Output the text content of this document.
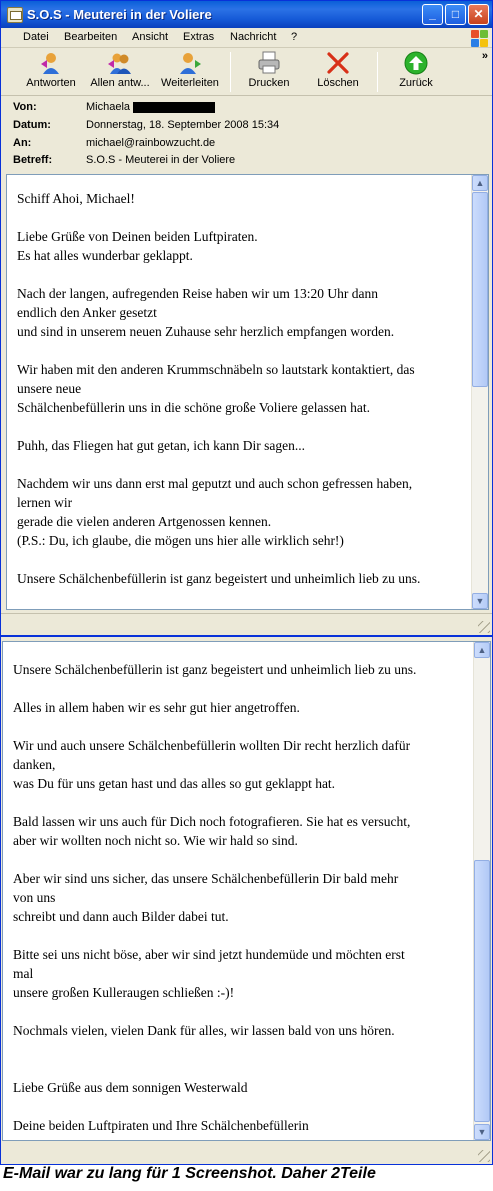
S.O.S - Meuterei in der Voliere	_	□	✕
Datei Bearbeiten Ansicht Extras Nachricht ?
Antworten	Allen antw...	Weiterleiten	Drucken	Löschen	Zurück
»
Von:	Michaela
Datum:	Donnerstag, 18. September 2008 15:34
An:	michael@rainbowzucht.de
Betreff:	S.O.S - Meuterei in der Voliere

Schiff Ahoi, Michael!

Liebe Grüße von Deinen beiden Luftpiraten.

Es hat alles wunderbar geklappt.

Nach der langen, aufregenden Reise haben wir um 13:20 Uhr dann

endlich den Anker gesetzt

und sind in unserem neuen Zuhause sehr herzlich empfangen worden.

Wir haben mit den anderen Krummschnäbeln so lautstark kontaktiert, das

unsere neue

Schälchenbefüllerin uns in die schöne große Voliere gelassen hat.

Puhh, das Fliegen hat gut getan, ich kann Dir sagen...

Nachdem wir uns dann erst mal geputzt und auch schon gefressen haben,

lernen wir

gerade die vielen anderen Artgenossen kennen.

(P.S.: Du, ich glaube, die mögen uns hier alle wirklich sehr!)

Unsere Schälchenbefüllerin ist ganz begeistert und unheimlich lieb zu uns.

▲
▼

Unsere Schälchenbefüllerin ist ganz begeistert und unheimlich lieb zu uns.

Alles in allem haben wir es sehr gut hier angetroffen.

Wir und auch unsere Schälchenbefüllerin wollten Dir recht herzlich dafür

danken,

was Du für uns getan hast und das alles so gut geklappt hat.

Bald lassen wir uns auch für Dich noch fotografieren. Sie hat es versucht,

aber wir wollten noch nicht so. Wie wir hald so sind.

Aber wir sind uns sicher, das unsere Schälchenbefüllerin Dir bald mehr

von uns

schreibt und dann auch Bilder dabei tut.

Bitte sei uns nicht böse, aber wir sind jetzt hundemüde und möchten erst

mal

unsere großen Kulleraugen schließen :-)!

Nochmals vielen, vielen Dank für alles, wir lassen bald von uns hören.

Liebe Grüße aus dem sonnigen Westerwald

Deine beiden Luftpiraten und Ihre Schälchenbefüllerin

▲
▼
E-Mail war zu lang für 1 Screenshot. Daher 2Teile
